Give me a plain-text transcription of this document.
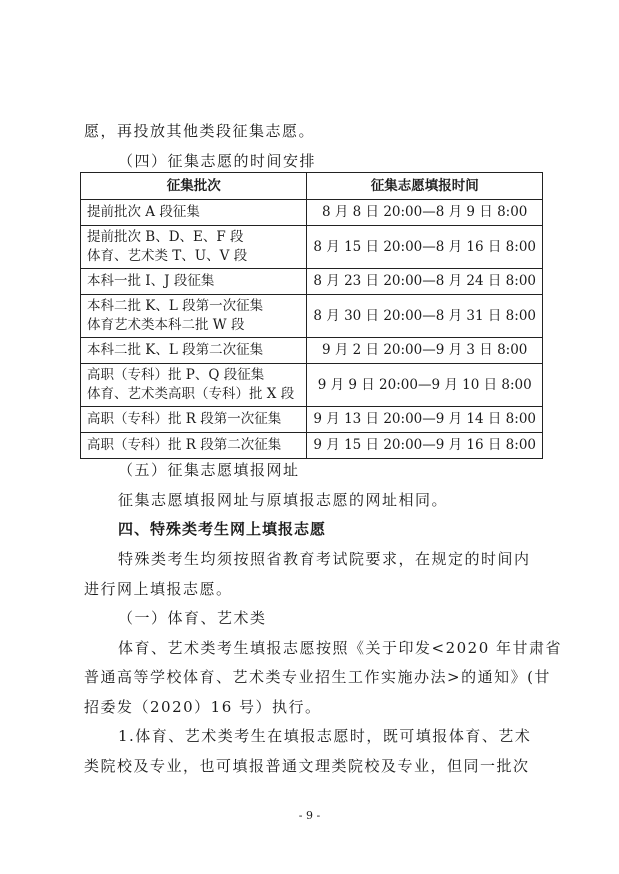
愿，再投放其他类段征集志愿。
（四）征集志愿的时间安排
征集批次	征集志愿填报时间

提前批次 A 段征集	8 月 8 日 20:00—8 月 9 日 8:00

提前批次 B、D、E、F 段
体育、艺术类 T、U、V 段	8 月 15 日 20:00—8 月 16 日 8:00

本科一批 I、J 段征集	8 月 23 日 20:00—8 月 24 日 8:00

本科二批 K、L 段第一次征集
体育艺术类本科二批 W 段	8 月 30 日 20:00—8 月 31 日 8:00

本科二批 K、L 段第二次征集	9 月 2 日 20:00—9 月 3 日 8:00

高职（专科）批 P、Q 段征集
体育、艺术类高职（专科）批 X 段	9 月 9 日 20:00—9 月 10 日 8:00

高职（专科）批 R 段第一次征集	9 月 13 日 20:00—9 月 14 日 8:00

高职（专科）批 R 段第二次征集	9 月 15 日 20:00—9 月 16 日 8:00
（五）征集志愿填报网址
征集志愿填报网址与原填报志愿的网址相同。
四、特殊类考生网上填报志愿
特殊类考生均须按照省教育考试院要求，在规定的时间内
进行网上填报志愿。
（一）体育、艺术类
体育、艺术类考生填报志愿按照《关于印发<2020 年甘肃省
普通高等学校体育、艺术类专业招生工作实施办法>的通知》(甘
招委发（2020）16 号）执行。
1.体育、艺术类考生在填报志愿时，既可填报体育、艺术
类院校及专业，也可填报普通文理类院校及专业，但同一批次
- 9 -
